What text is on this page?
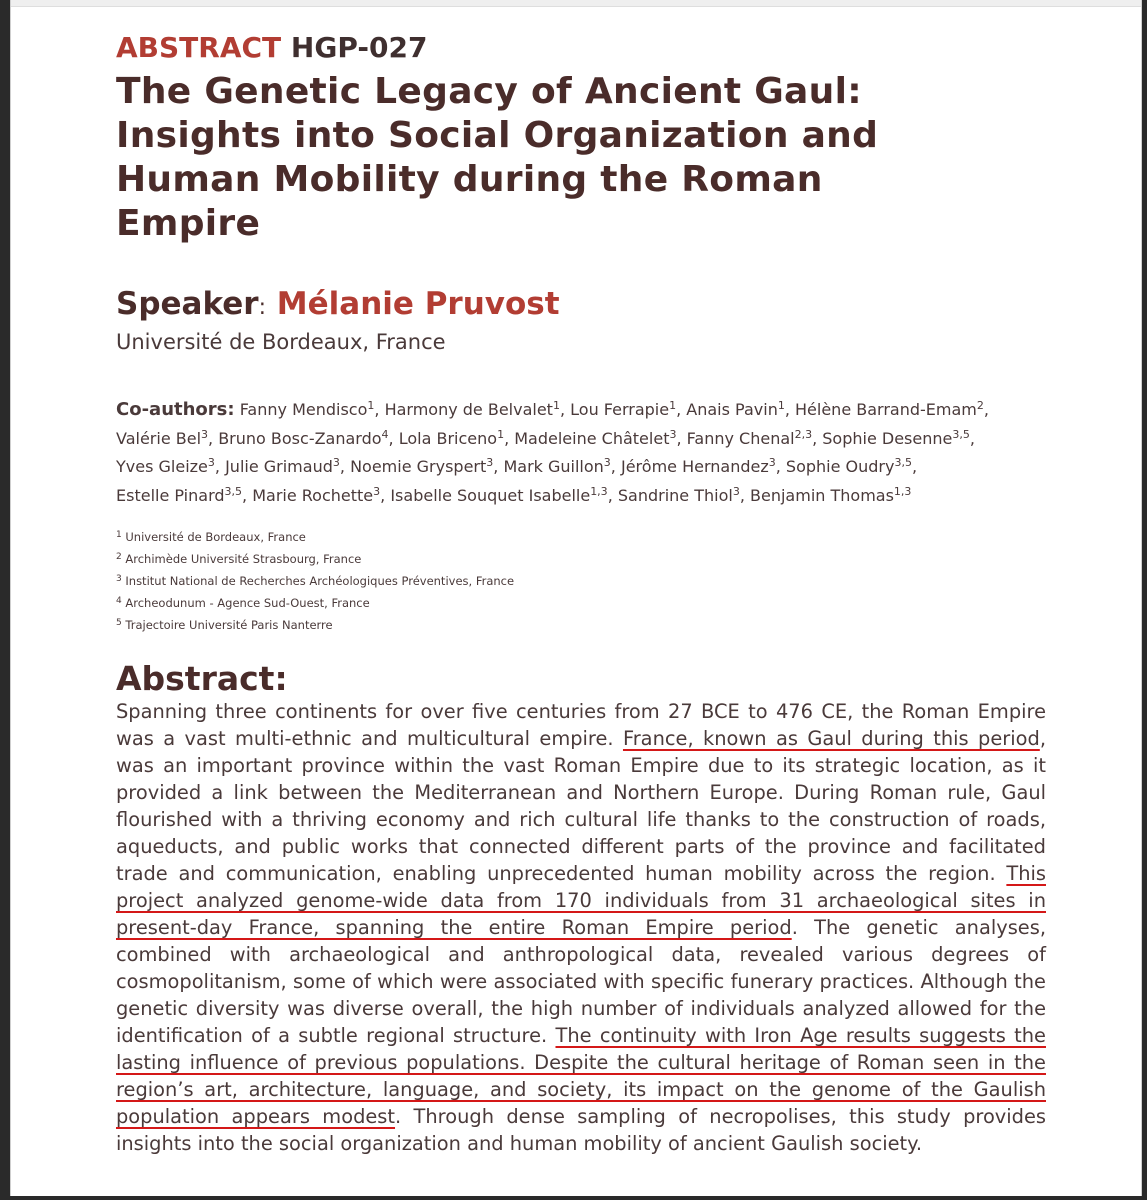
ABSTRACT HGP-027
The Genetic Legacy of Ancient Gaul:
Insights into Social Organization and
Human Mobility during the Roman
Empire
Speaker: Mélanie Pruvost
Université de Bordeaux, France
Co-authors: Fanny Mendisco$^1$, Harmony de Belvalet$^1$, Lou Ferrapie$^1$, Anais Pavin$^1$, Hélène Barrand-Emam$^2$, Valérie Bel$^3$, Bruno Bosc-Zanardo$^4$, Lola Briceno$^1$, Madeleine Châtelet$^3$, Fanny Chenal$^{2,3}$, Sophie Desenne$^{3,5}$, Yves Gleize$^3$, Julie Grimaud$^3$, Noemie Gryspert$^3$, Mark Guillon$^3$, Jérôme Hernandez$^3$, Sophie Oudry$^{3,5}$, Estelle Pinard$^{3,5}$, Marie Rochette$^3$, Isabelle Souquet Isabelle$^{1,3}$, Sandrine Thiol$^3$, Benjamin Thomas$^{1,3}$
$^1$ Université de Bordeaux, France
$^2$ Archimède Université Strasbourg, France
$^3$ Institut National de Recherches Archéologiques Préventives, France
$^4$ Archeodunum - Agence Sud-Ouest, France
$^5$ Trajectoire Université Paris Nanterre
Abstract:
Spanning three continents for over five centuries from 27 BCE to 476 CE, the Roman Empire was a vast multi-ethnic and multicultural empire. France, known as Gaul during this period, was an important province within the vast Roman Empire due to its strategic location, as it provided a link between the Mediterranean and Northern Europe. During Roman rule, Gaul flourished with a thriving economy and rich cultural life thanks to the construction of roads, aqueducts, and public works that connected different parts of the province and facilitated trade and communication, enabling unprecedented human mobility across the region. This project analyzed genome-wide data from 170 individuals from 31 archaeological sites in present-day France, spanning the entire Roman Empire period. The genetic analyses, combined with archaeological and anthropological data, revealed various degrees of cosmopolitanism, some of which were associated with specific funerary practices. Although the genetic diversity was diverse overall, the high number of individuals analyzed allowed for the identification of a subtle regional structure. The continuity with Iron Age results suggests the lasting influence of previous populations. Despite the cultural heritage of Roman seen in the region’s art, architecture, language, and society, its impact on the genome of the Gaulish population appears modest. Through dense sampling of necropolises, this study provides insights into the social organization and human mobility of ancient Gaulish society.
